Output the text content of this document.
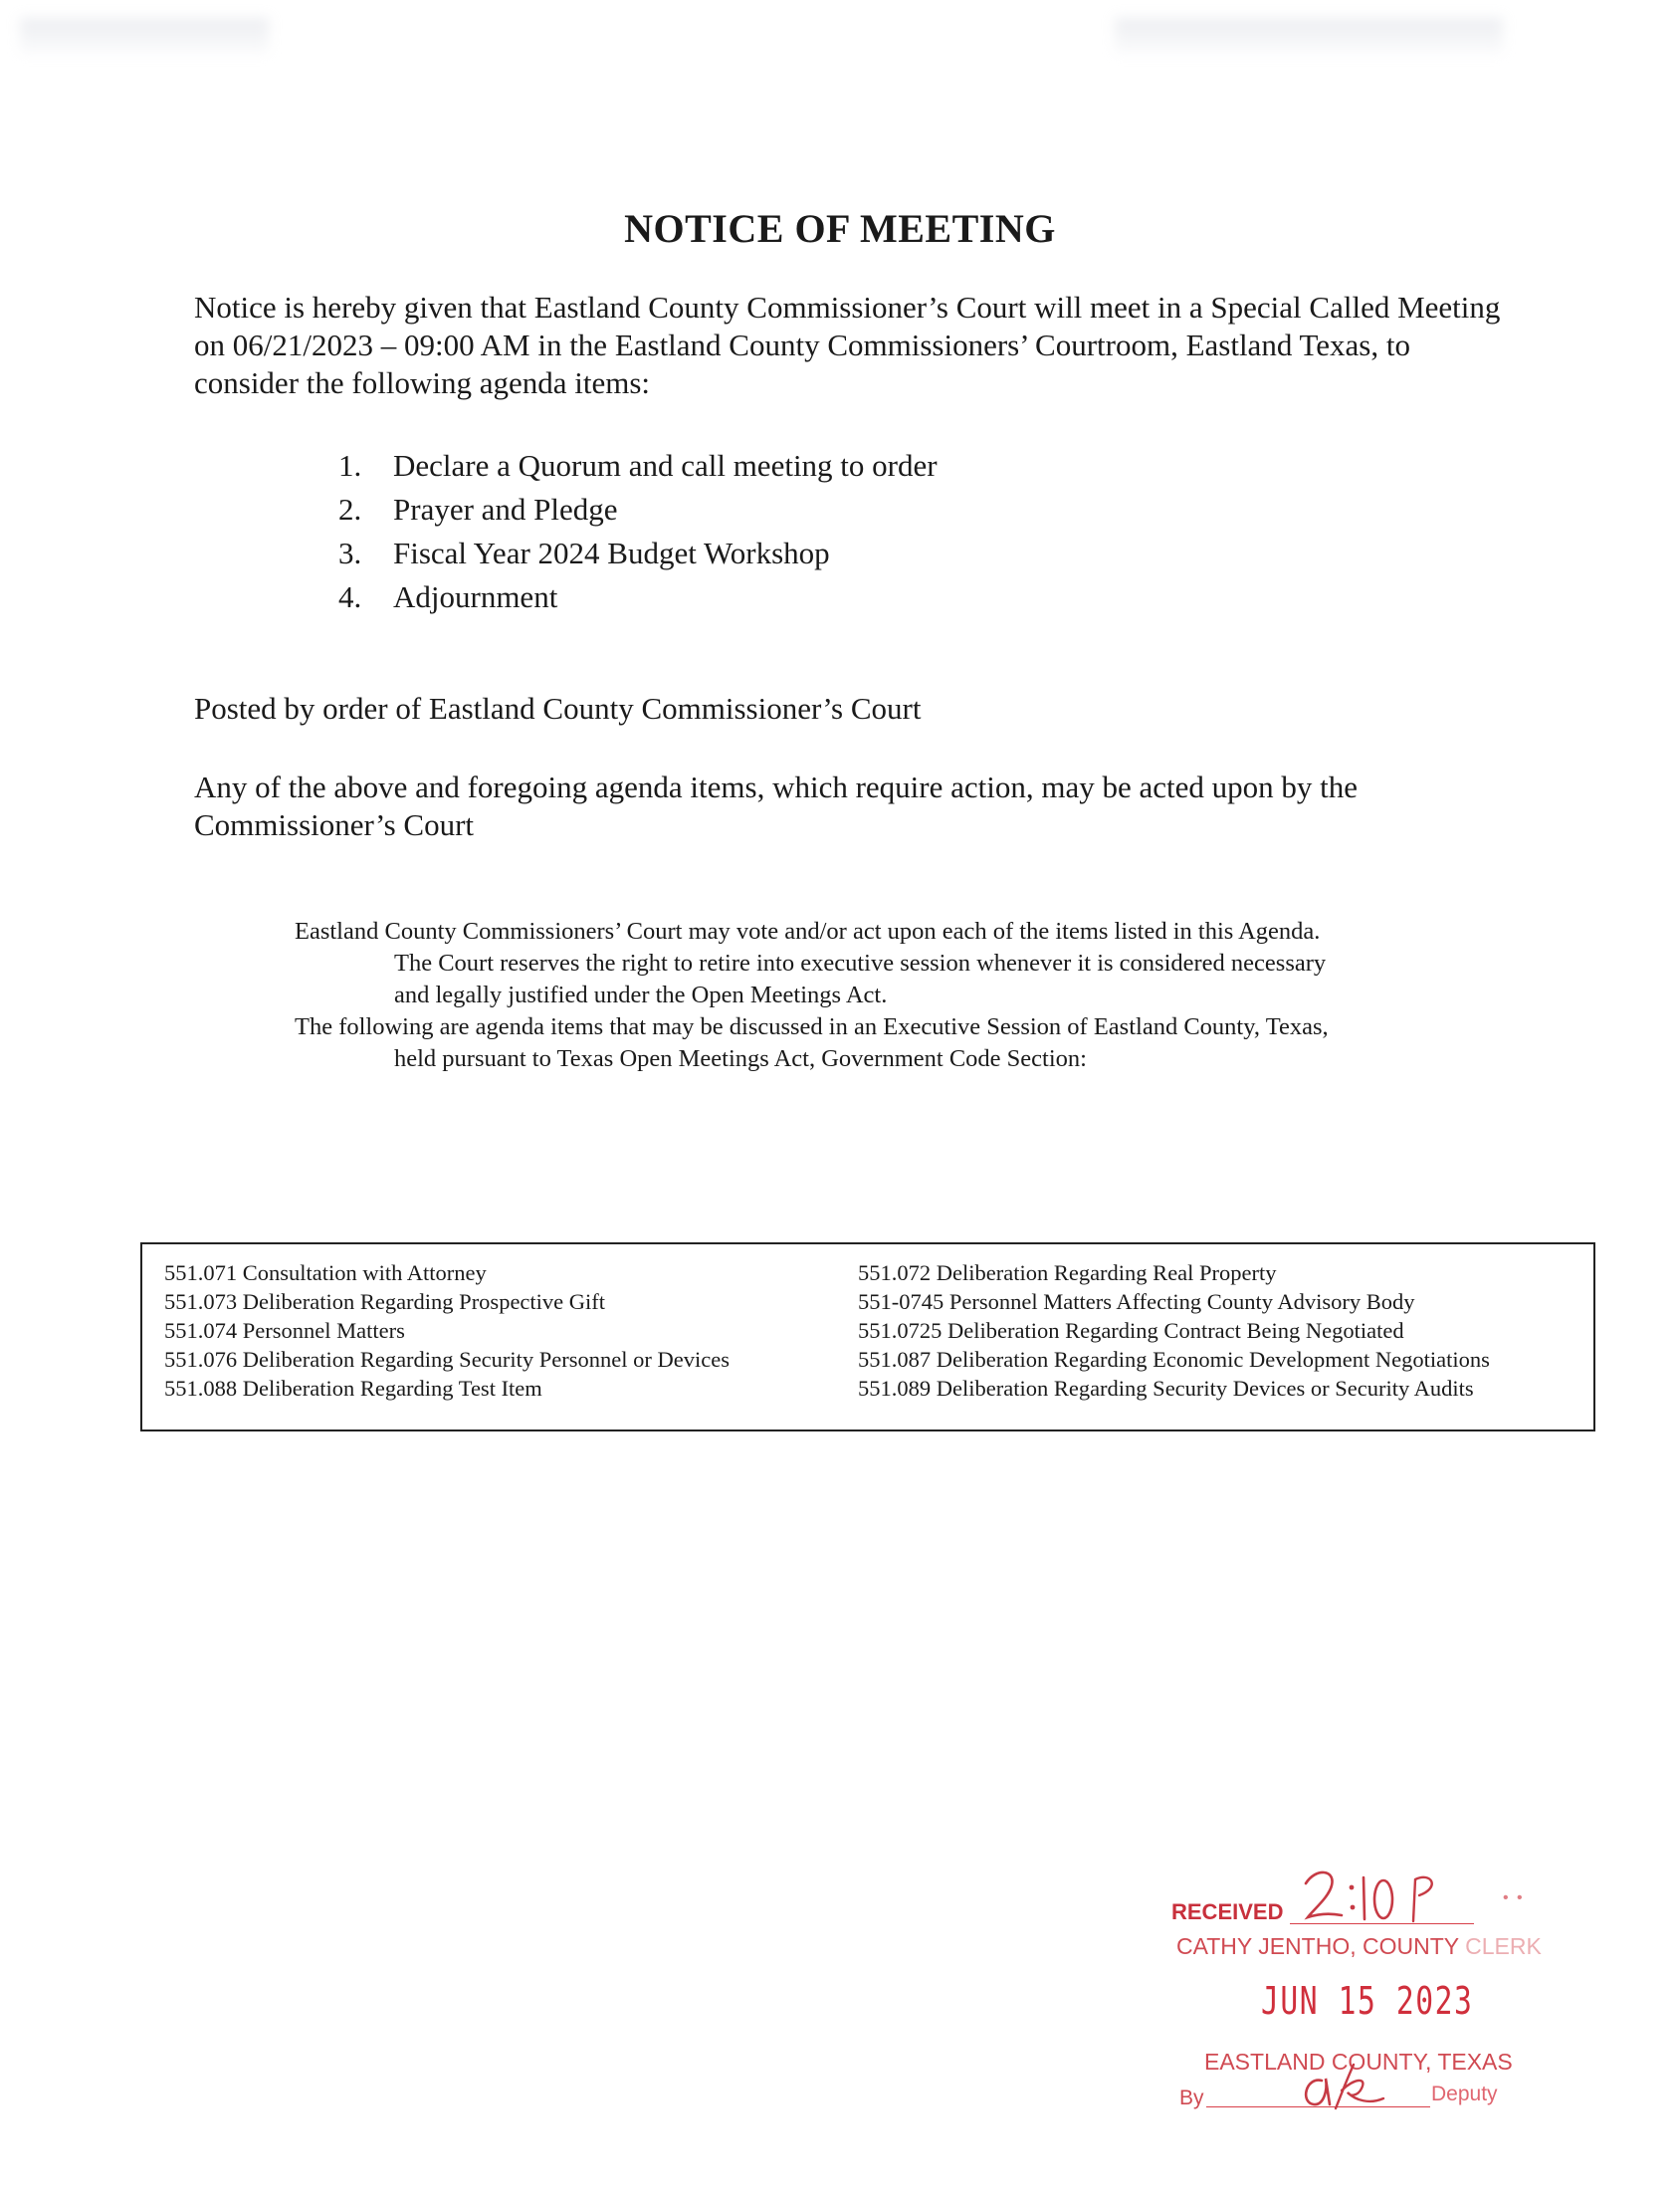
NOTICE OF MEETING

Notice is hereby given that Eastland County Commissioner’s Court will meet in a Special Called Meeting on 06/21/2023 – 09:00 AM in the Eastland County Commissioners’ Courtroom, Eastland Texas, to consider the following agenda items:

1. Declare a Quorum and call meeting to order
2. Prayer and Pledge
3. Fiscal Year 2024 Budget Workshop
4. Adjournment

Posted by order of Eastland County Commissioner’s Court

Any of the above and foregoing agenda items, which require action, may be acted upon by the Commissioner’s Court

Eastland County Commissioners’ Court may vote and/or act upon each of the items listed in this Agenda.

The Court reserves the right to retire into executive session whenever it is considered necessary

and legally justified under the Open Meetings Act.

The following are agenda items that may be discussed in an Executive Session of Eastland County, Texas,

held pursuant to Texas Open Meetings Act, Government Code Section:

551.071 Consultation with Attorney
551.073 Deliberation Regarding Prospective Gift
551.074 Personnel Matters
551.076 Deliberation Regarding Security Personnel or Devices
551.088 Deliberation Regarding Test Item
551.072 Deliberation Regarding Real Property
551-0745 Personnel Matters Affecting County Advisory Body
551.0725 Deliberation Regarding Contract Being Negotiated
551.087 Deliberation Regarding Economic Development Negotiations
551.089 Deliberation Regarding Security Devices or Security Audits
RECEIVED
• •
CATHY JENTHO, COUNTY CLERK
JUN 15 2023
EASTLAND COUNTY, TEXAS
By	Deputy
